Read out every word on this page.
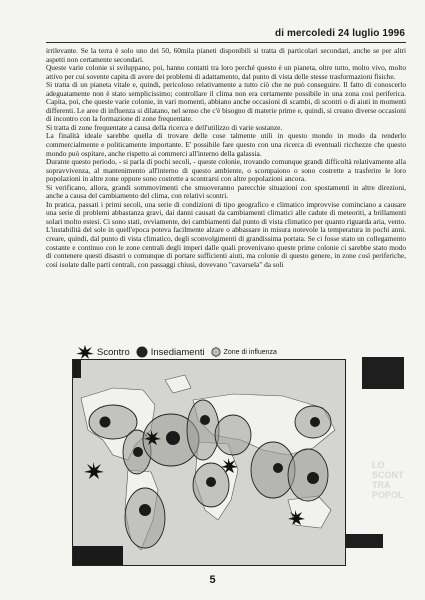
di mercoledi 24 luglio 1996

irrilevante. Se la terra è solo uno dei 50, 60mila pianeti disponibili si tratta di particolari secondari, anche se per altri aspetti non certamente secondari.

Queste varie colonie si sviluppano, poi, hanno contatti tra loro perché questo è un pianeta, oltre tutto, molto vivo, molto attivo per cui sovente capita di avere dei problemi di adattamento, dal punto di vista delle stesse trasformazioni fisiche.

Si tratta di un pianeta vitale e, quindi, pericoloso relativamente a tutto ciò che ne può conseguire. Il fatto di conoscerlo adeguatamente non è stato semplicissimo; controllare il clima non era certamente possibile in una zona così periferica. Capita, poi, che queste varie colonie, in vari momenti, abbiano anche occasioni di scambi, di scontri o di aiuti in momenti differenti. Le aree di influenza si dilatano, nel senso che c'è bisogno di materie prime e, quindi, si creano diverse occasioni di incontro con la formazione di zone frequentate.

Si tratta di zone frequentate a causa della ricerca e dell'utilizzo di varie sostanze.

La finalità ideale sarebbe quella di trovare delle cose talmente utili in questo mondo in modo da renderlo commercialmente e politicamente importante. E' possibile fare questo con una ricerca di eventuali ricchezze che questo mondo può ospitare, anche rispetto ai commerci all'interno della galassia.

Durante questo periodo, - si parla di pochi secoli, - queste colonie, trovando comunque grandi difficoltà relativamente alla sopravvivenza, al mantenimento all'interno di questo ambiente, o scompaiono o sono costrette a trasferire le loro popolazioni in altre zone oppure sono costrette a scontrarsi con altre popolazioni ancora.

Si verificano, allora, grandi sommovimenti che smuoveranno parecchie situazioni con spostamenti in altre direzioni, anche a causa del cambiamento del clima, con relativi scontri.

In pratica, passati i primi secoli, una serie di condizioni di tipo geografico e climatico improvvise cominciano a causare una serie di problemi abbastanza gravi, dai danni causati da cambiamenti climatici alle cadute di meteoriti, a brillamenti solari molto estesi. Ci sono stati, ovviamente, dei cambiamenti dal punto di vista climatico per quanto riguarda aria, vento.

L'instabilità del sole in quell'epoca poteva facilmente alzare o abbassare in misura notevole la temperatura in pochi anni. creare, quindi, dal punto di vista climatico, degli sconvolgimenti di grandissima portata. Se ci fosse stato un collegamento costante e continuo con le zone centrali degli imperi dalle quali provenivano queste prime colonie ci sarebbe stato modo di contenere questi disastri o comunque di portare sufficienti aiuti, ma colonie di questo genere, in zone così periferiche, così isolate dalle parti centrali, con passaggi chiusi, dovevano "cavarsela" da soli

Scontro Insediamenti	Zone di influenza
LO
SCONT
TRA
POPOL
5
